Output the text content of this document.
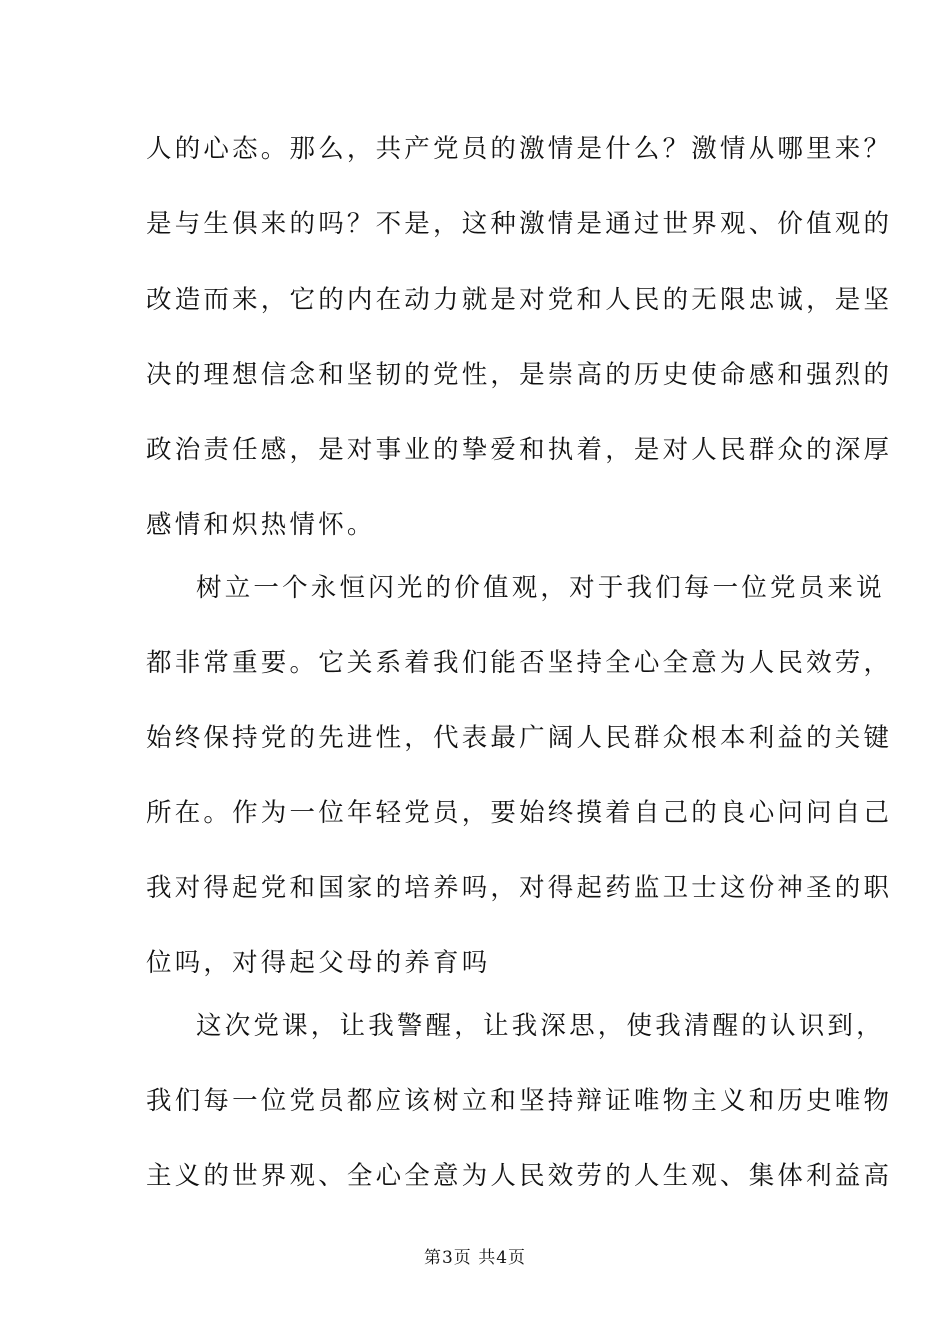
人的心态。那么，共产党员的激情是什么？激情从哪里来？
是与生俱来的吗？不是，这种激情是通过世界观、价值观的
改造而来，它的内在动力就是对党和人民的无限忠诚，是坚
决的理想信念和坚韧的党性，是崇高的历史使命感和强烈的
政治责任感，是对事业的挚爱和执着，是对人民群众的深厚
感情和炽热情怀。
树立一个永恒闪光的价值观，对于我们每一位党员来说
都非常重要。它关系着我们能否坚持全心全意为人民效劳，
始终保持党的先进性，代表最广阔人民群众根本利益的关键
所在。作为一位年轻党员，要始终摸着自己的良心问问自己
我对得起党和国家的培养吗，对得起药监卫士这份神圣的职
位吗，对得起父母的养育吗
这次党课，让我警醒，让我深思，使我清醒的认识到，
我们每一位党员都应该树立和坚持辩证唯物主义和历史唯物
主义的世界观、全心全意为人民效劳的人生观、集体利益高
第3页 共4页
